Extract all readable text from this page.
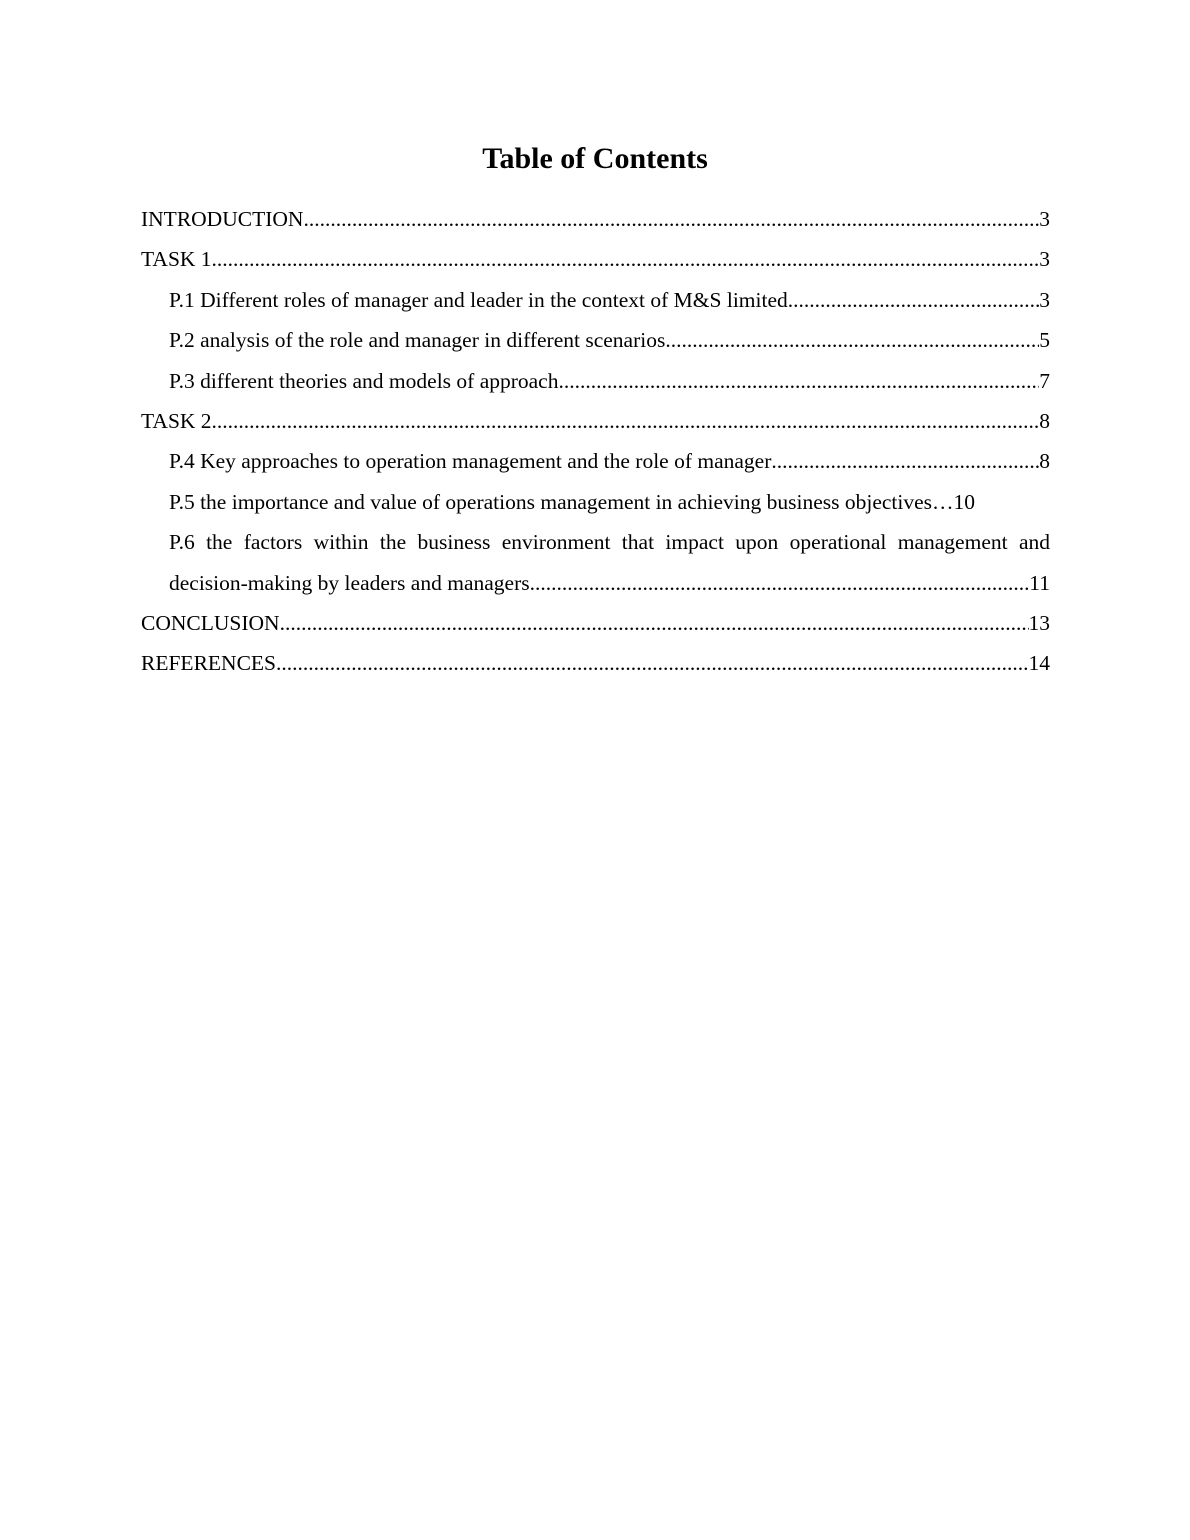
Table of Contents
INTRODUCTION .....	3
TASK 1 .....	3
P.1 Different roles of manager and leader in the context of M&S limited .....	3
P.2 analysis of the role and manager in different scenarios .....	5
P.3 different theories and models of approach .....	7
TASK 2 .....	8
P.4 Key approaches to operation management and the role of manager .....	8
P.5 the importance and value of operations management in achieving business objectives … 10
P.6 the factors within the business environment that impact upon operational management and
decision-making by leaders and managers .....	11
CONCLUSION .....	13
REFERENCES .....	14
